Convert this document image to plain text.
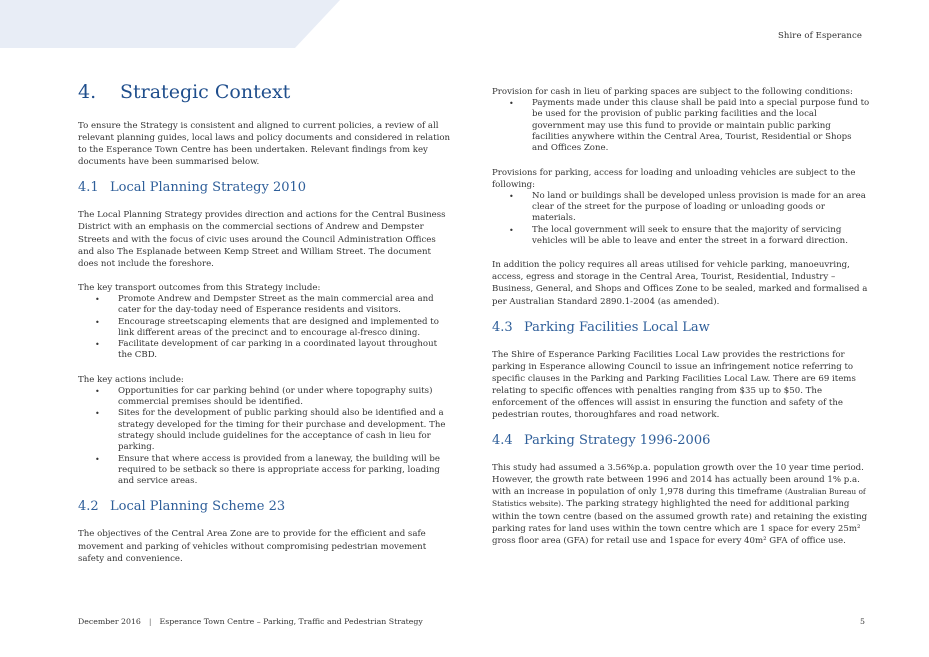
Shire of Esperance
4. Strategic Context

To ensure the Strategy is consistent and aligned to current policies, a review of all relevant planning guides, local laws and policy documents and considered in relation to the Esperance Town Centre has been undertaken. Relevant findings from key documents have been summarised below.

4.1 Local Planning Strategy 2010

The Local Planning Strategy provides direction and actions for the Central Business District with an emphasis on the commercial sections of Andrew and Dempster Streets and with the focus of civic uses around the Council Administration Offices and also The Esplanade between Kemp Street and William Street. The document does not include the foreshore.

The key transport outcomes from this Strategy include:

• Promote Andrew and Dempster Street as the main commercial area and cater for the day-today need of Esperance residents and visitors.
• Encourage streetscaping elements that are designed and implemented to link different areas of the precinct and to encourage al-fresco dining.
• Facilitate development of car parking in a coordinated layout throughout the CBD.

The key actions include:

• Opportunities for car parking behind (or under where topography suits) commercial premises should be identified.
• Sites for the development of public parking should also be identified and a strategy developed for the timing for their purchase and development. The strategy should include guidelines for the acceptance of cash in lieu for parking.
• Ensure that where access is provided from a laneway, the building will be required to be setback so there is appropriate access for parking, loading and service areas.
4.2 Local Planning Scheme 23

The objectives of the Central Area Zone are to provide for the efficient and safe movement and parking of vehicles without compromising pedestrian movement safety and convenience.

Provision for cash in lieu of parking spaces are subject to the following conditions:

• Payments made under this clause shall be paid into a special purpose fund to be used for the provision of public parking facilities and the local government may use this fund to provide or maintain public parking facilities anywhere within the Central Area, Tourist, Residential or Shops and Offices Zone.

Provisions for parking, access for loading and unloading vehicles are subject to the following:

• No land or buildings shall be developed unless provision is made for an area clear of the street for the purpose of loading or unloading goods or materials.
• The local government will seek to ensure that the majority of servicing vehicles will be able to leave and enter the street in a forward direction.

In addition the policy requires all areas utilised for vehicle parking, manoeuvring, access, egress and storage in the Central Area, Tourist, Residential, Industry – Business, General, and Shops and Offices Zone to be sealed, marked and formalised a per Australian Standard 2890.1-2004 (as amended).

4.3 Parking Facilities Local Law

The Shire of Esperance Parking Facilities Local Law provides the restrictions for parking in Esperance allowing Council to issue an infringement notice referring to specific clauses in the Parking and Parking Facilities Local Law. There are 69 items relating to specific offences with penalties ranging from $35 up to $50. The enforcement of the offences will assist in ensuring the function and safety of the pedestrian routes, thoroughfares and road network.

4.4 Parking Strategy 1996-2006

This study had assumed a 3.56%p.a. population growth over the 10 year time period. However, the growth rate between 1996 and 2014 has actually been around 1% p.a. with an increase in population of only 1,978 during this timeframe (Australian Bureau of Statistics website). The parking strategy highlighted the need for additional parking within the town centre (based on the assumed growth rate) and retaining the existing parking rates for land uses within the town centre which are 1 space for every 25m² gross floor area (GFA) for retail use and 1space for every 40m² GFA of office use.

December 2016 | Esperance Town Centre – Parking, Traffic and Pedestrian Strategy	5
